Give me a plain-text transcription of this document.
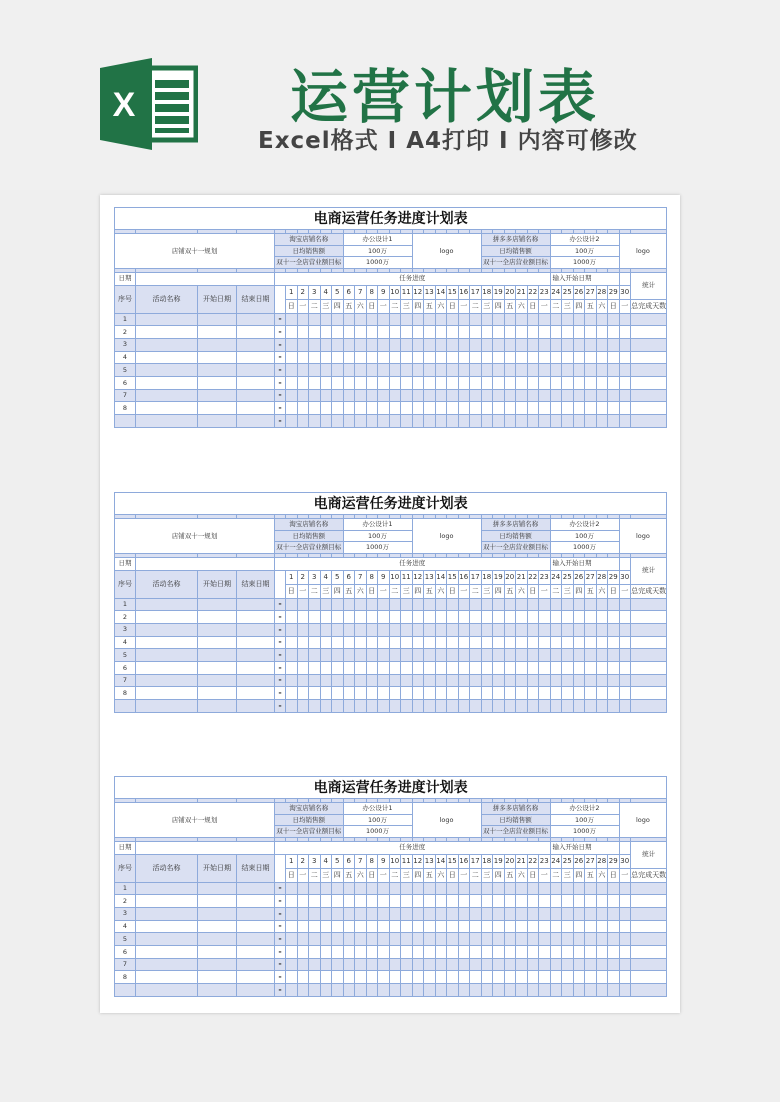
X	运营计划表
Excel格式 Ⅰ A4打印 Ⅰ 内容可修改
电商运营任务进度计划表																																			

店铺双十一规划				淘宝店铺名称						办公设计1						logo						拼多多店铺名称						办公设计2						logo	
				日均销售额						100万												日均销售额						100万							
				双十一全店营业额目标						1000万												双十一全店营业额目标						1000万							

日期				任务进度																								输入开始日期							统计
序号	活动名称	开始日期	结束日期		1	2	3	4	5	6	7	8	9	10	11	12	13	14	15	16	17	18	19	20	21	22	23	24	25	26	27	28	29	30	
					日	一	二	三	四	五	六	日	一	二	三	四	五	六	日	一	二	三	四	五	六	日	一	二	三	四	五	六	日	一	总完成天数
1				-																															
2				-																															
3				-																															
4				-																															
5				-																															
6				-																															
7				-																															
8				-																															
				-																															
电商运营任务进度计划表																																			

店铺双十一规划				淘宝店铺名称						办公设计1						logo						拼多多店铺名称						办公设计2						logo	
				日均销售额						100万												日均销售额						100万							
				双十一全店营业额目标						1000万												双十一全店营业额目标						1000万							

日期				任务进度																								输入开始日期							统计
序号	活动名称	开始日期	结束日期		1	2	3	4	5	6	7	8	9	10	11	12	13	14	15	16	17	18	19	20	21	22	23	24	25	26	27	28	29	30	
					日	一	二	三	四	五	六	日	一	二	三	四	五	六	日	一	二	三	四	五	六	日	一	二	三	四	五	六	日	一	总完成天数
1				-																															
2				-																															
3				-																															
4				-																															
5				-																															
6				-																															
7				-																															
8				-																															
				-																															
电商运营任务进度计划表																																			

店铺双十一规划				淘宝店铺名称						办公设计1						logo						拼多多店铺名称						办公设计2						logo	
				日均销售额						100万												日均销售额						100万							
				双十一全店营业额目标						1000万												双十一全店营业额目标						1000万							

日期				任务进度																								输入开始日期							统计
序号	活动名称	开始日期	结束日期		1	2	3	4	5	6	7	8	9	10	11	12	13	14	15	16	17	18	19	20	21	22	23	24	25	26	27	28	29	30	
					日	一	二	三	四	五	六	日	一	二	三	四	五	六	日	一	二	三	四	五	六	日	一	二	三	四	五	六	日	一	总完成天数
1				-																															
2				-																															
3				-																															
4				-																															
5				-																															
6				-																															
7				-																															
8				-																															
				-																															
